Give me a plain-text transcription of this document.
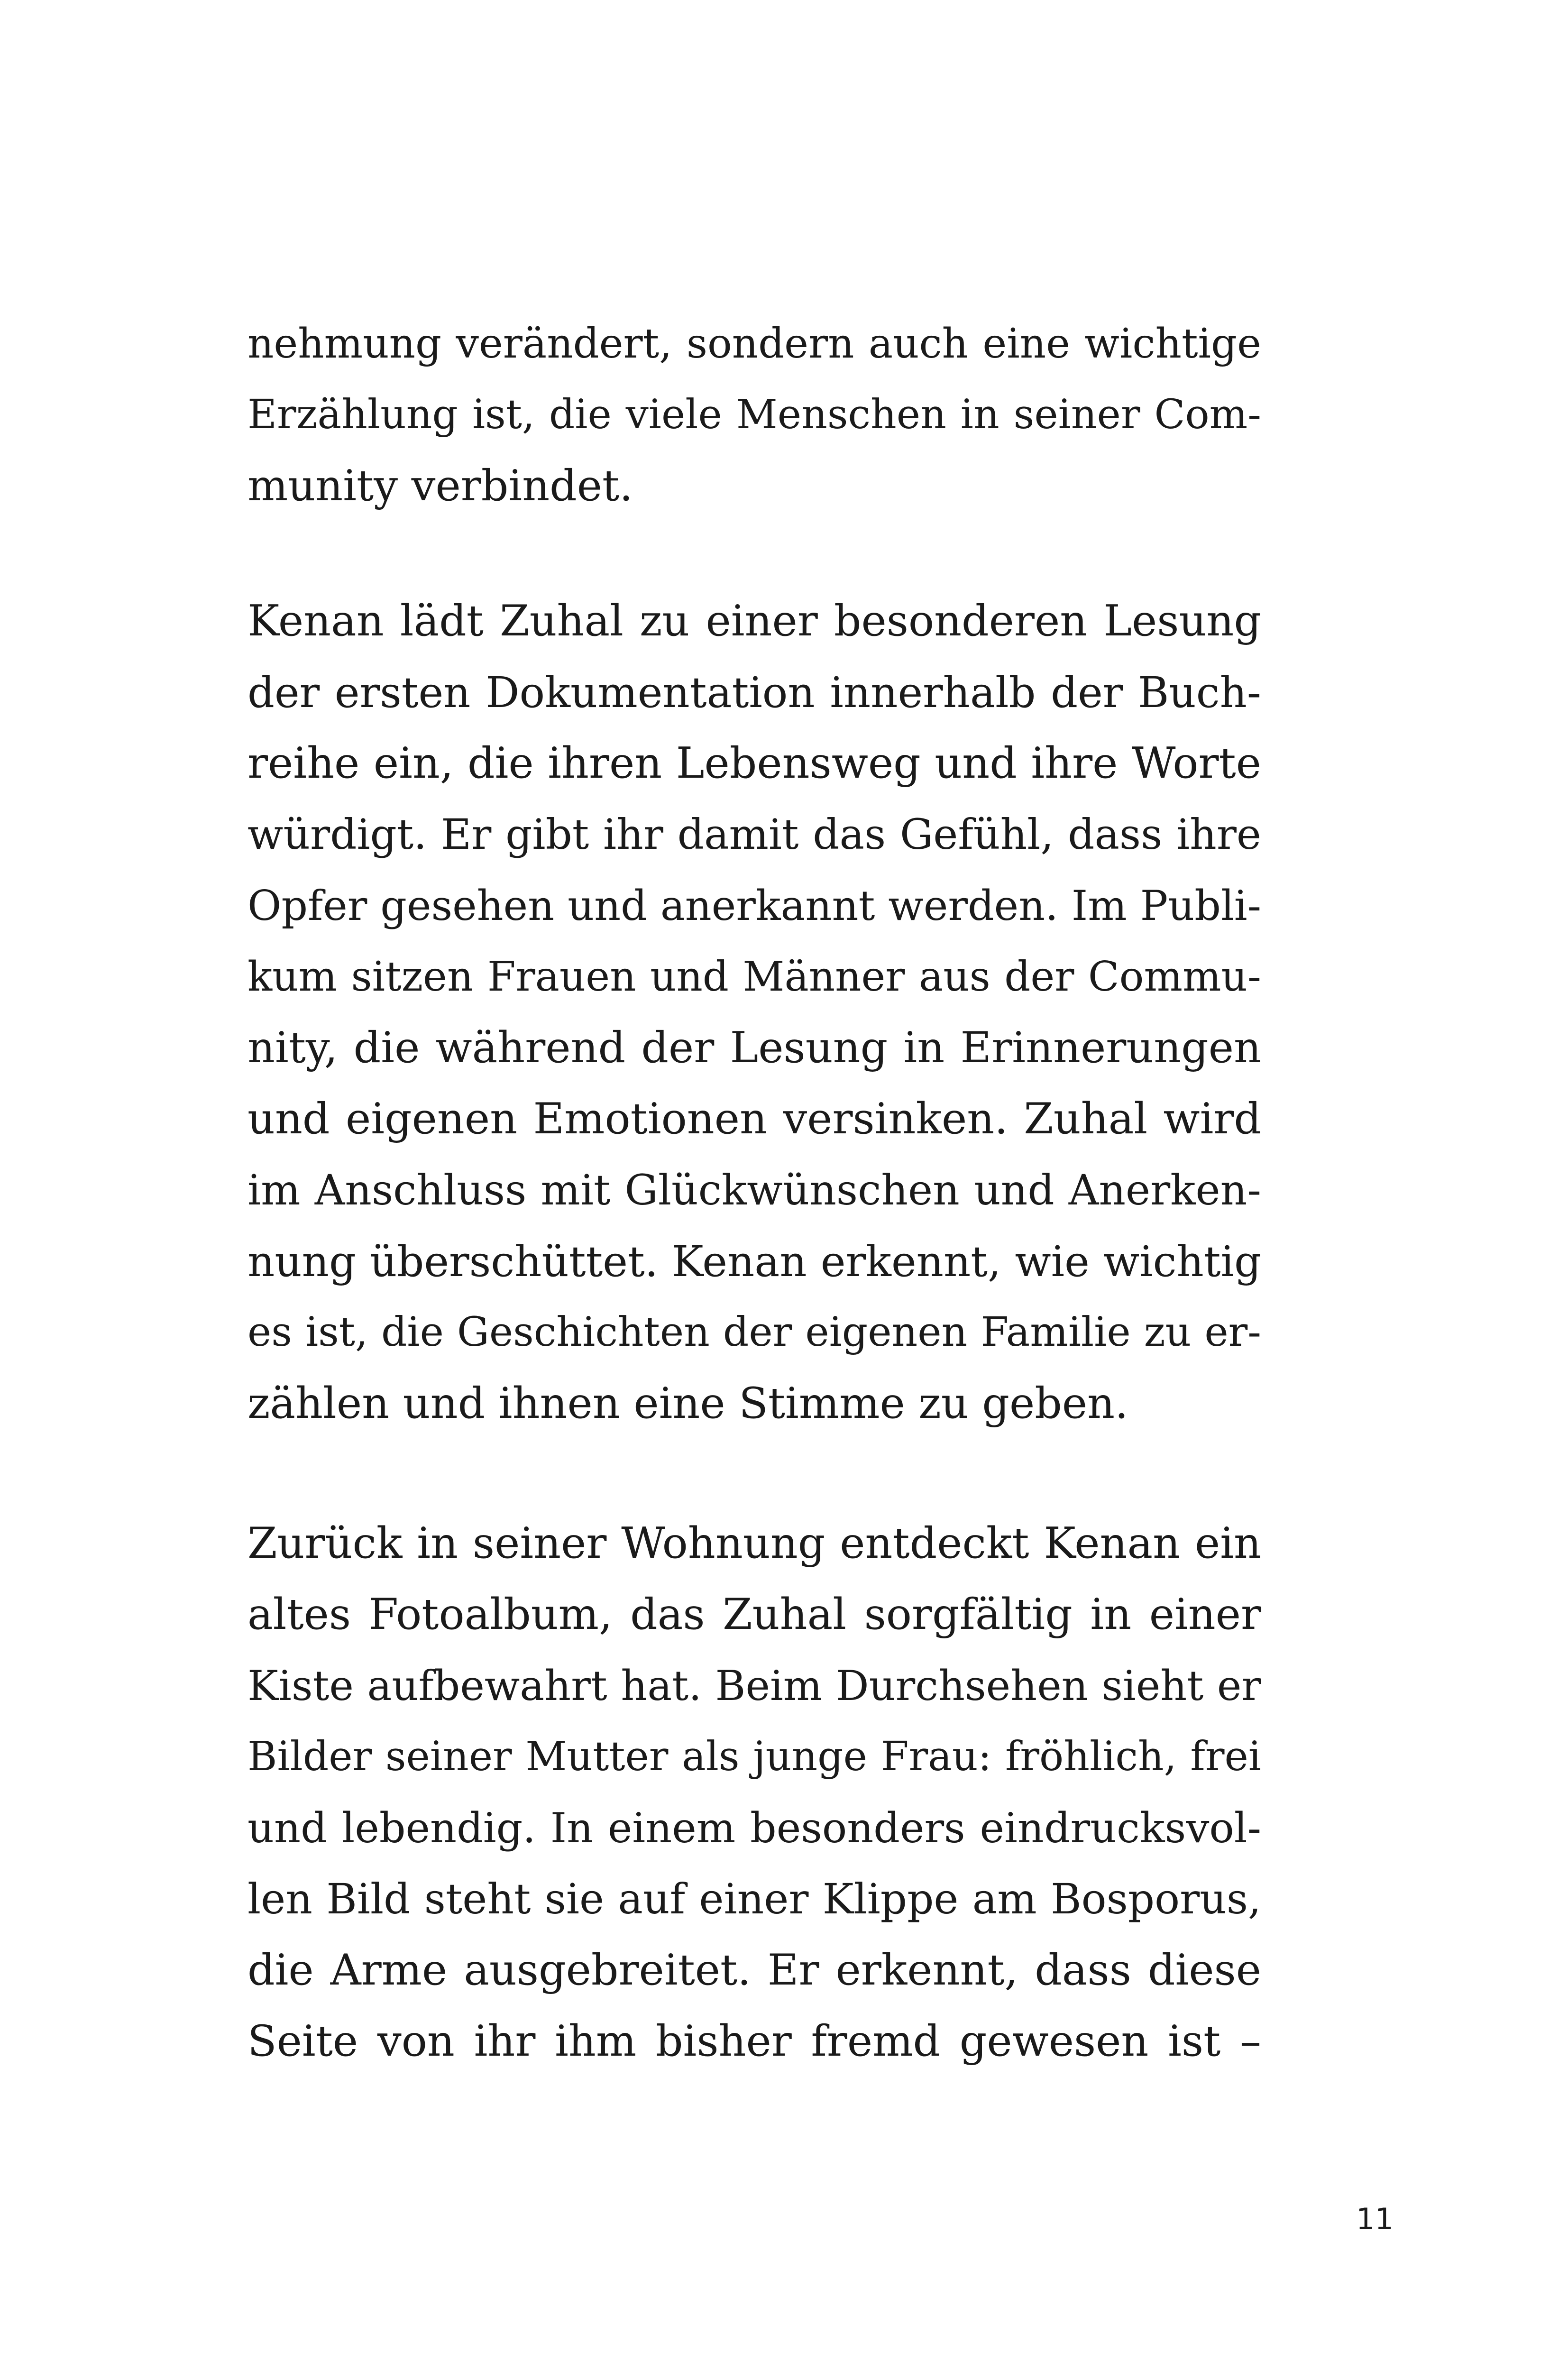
nehmung verändert, sondern auch eine wichtige
Erzählung ist, die viele Menschen in seiner Com-
munity verbindet.
Kenan lädt Zuhal zu einer besonderen Lesung
der ersten Dokumentation innerhalb der Buch-
reihe ein, die ihren Lebensweg und ihre Worte
würdigt. Er gibt ihr damit das Gefühl, dass ihre
Opfer gesehen und anerkannt werden. Im Publi-
kum sitzen Frauen und Männer aus der Commu-
nity, die während der Lesung in Erinnerungen
und eigenen Emotionen versinken. Zuhal wird
im Anschluss mit Glückwünschen und Anerken-
nung überschüttet. Kenan erkennt, wie wichtig
es ist, die Geschichten der eigenen Familie zu er-
zählen und ihnen eine Stimme zu geben.
Zurück in seiner Wohnung entdeckt Kenan ein
altes Fotoalbum, das Zuhal sorgfältig in einer
Kiste aufbewahrt hat. Beim Durchsehen sieht er
Bilder seiner Mutter als junge Frau: fröhlich, frei
und lebendig. In einem besonders eindrucksvol-
len Bild steht sie auf einer Klippe am Bosporus,
die Arme ausgebreitet. Er erkennt, dass diese
Seite von ihr ihm bisher fremd gewesen ist –
11
